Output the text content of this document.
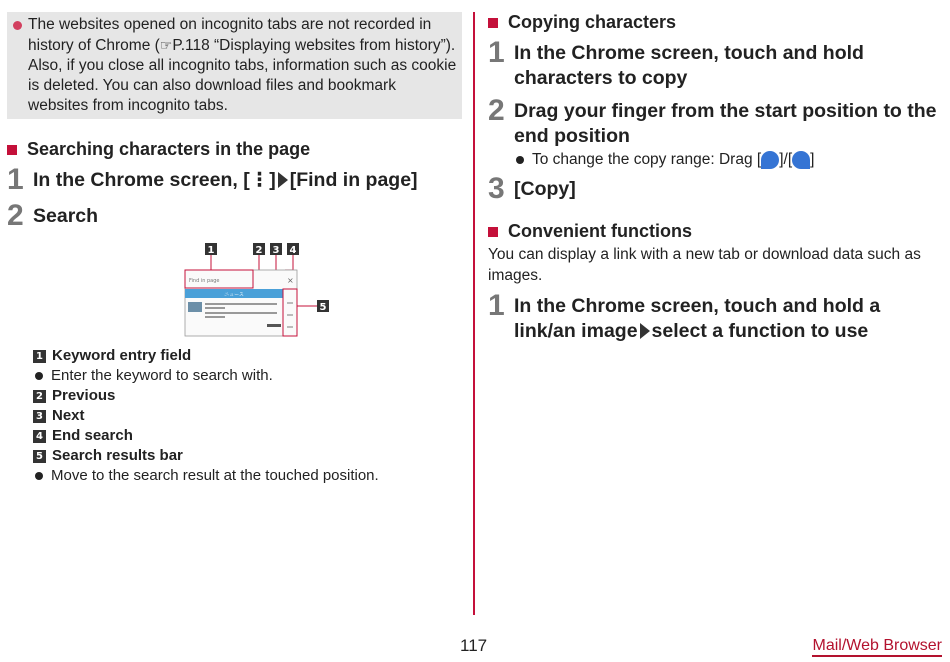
The websites opened on incognito tabs are not recorded in history of Chrome (☞P.118 “Displaying websites from history”). Also, if you close all incognito tabs, information such as cookie is deleted. You can also download files and bookmark websites from incognito tabs.
Searching characters in the page
1 In the Chrome screen, [⋮] [Find in page]
2 Search
1	2 3 4
5
Find in page	×
ニュース
1 Keyword entry field
Enter the keyword to search with.
2 Previous
3 Next
4 End search
5 Search results bar
Move to the search result at the touched position.
Copying characters
1 In the Chrome screen, touch and hold characters to copy
2 Drag your finger from the start position to the end position
To change the copy range: Drag [ ]/[ ]
3 [Copy]
Convenient functions
You can display a link with a new tab or download data such as images.
1 In the Chrome screen, touch and hold a link/an image select a function to use
117	Mail/Web Browser
